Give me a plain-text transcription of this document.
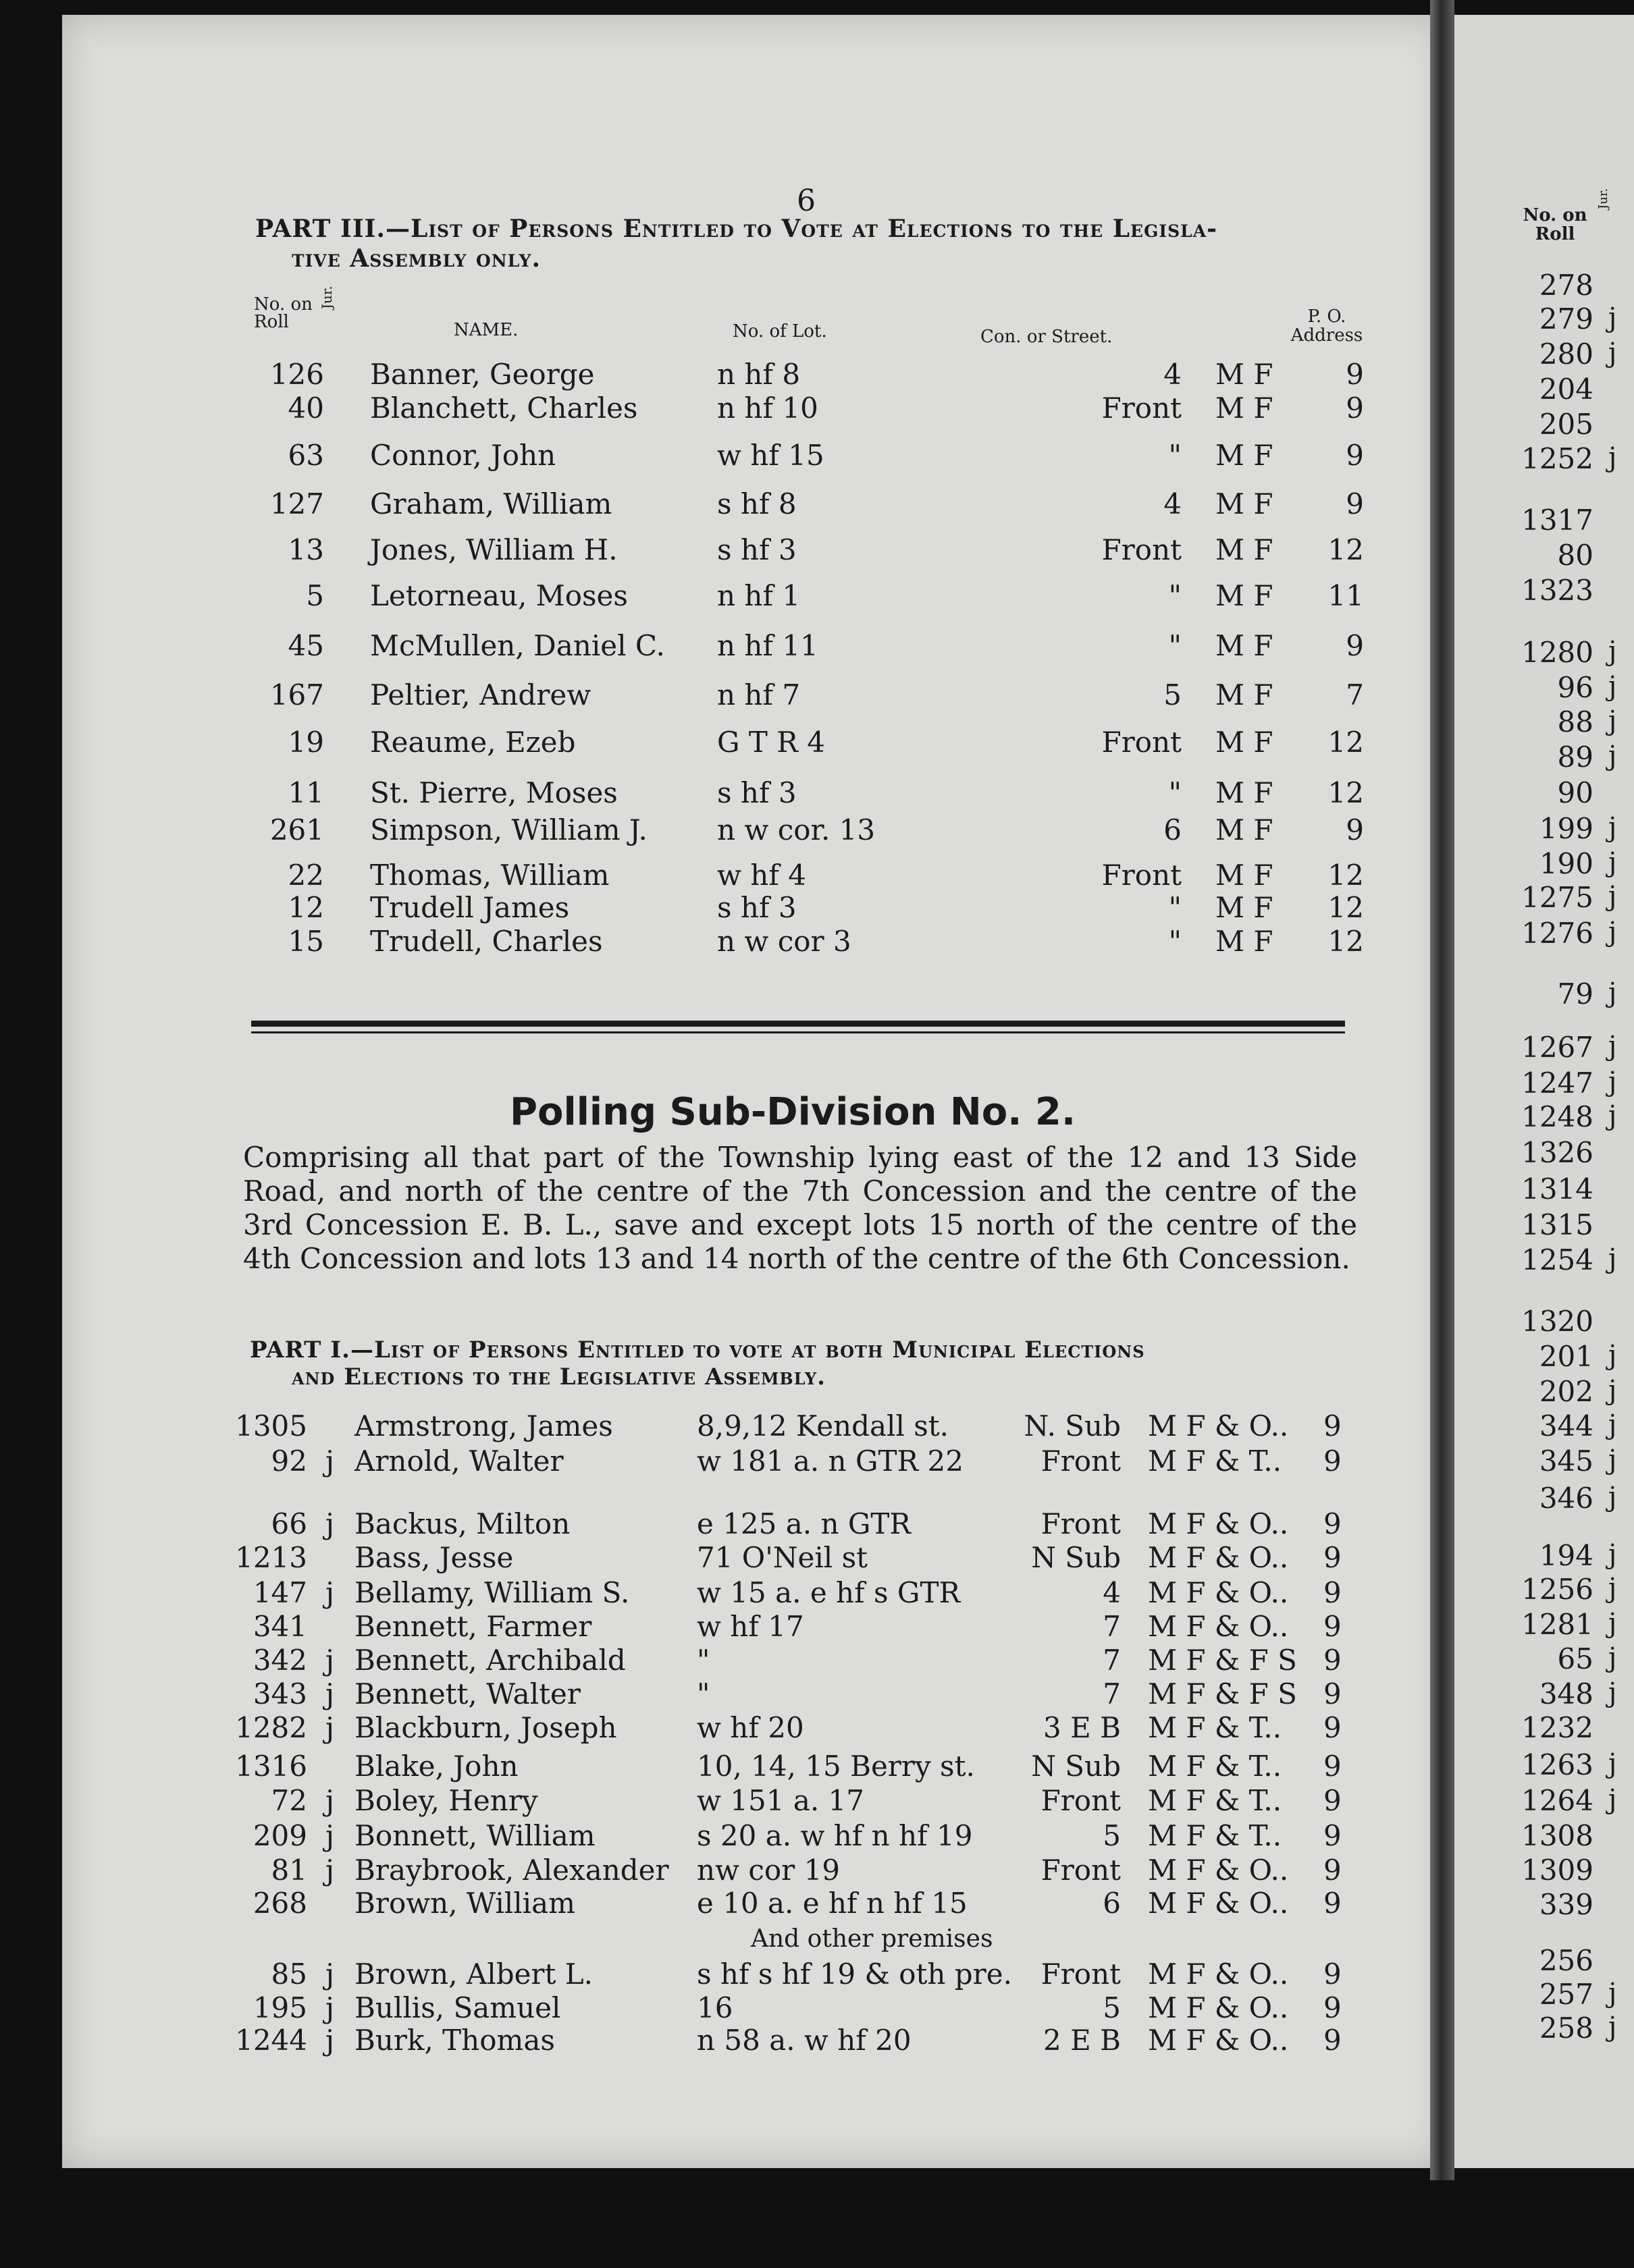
6
PART III.—List of Persons Entitled to Vote at Elections to the Legisla-
tive Assembly only.
No. on Roll
Jur.
NAME.	No. of Lot.	Con. or Street.
P. O. Address
126 Banner, George	n hf 8	4 M F	9
40 Blanchett, Charles	n hf 10	Front M F	9
63 Connor, John	w hf 15	" M F	9
127 Graham, William	s hf 8	4 M F	9
13 Jones, William H.	s hf 3	Front M F	12
5 Letorneau, Moses	n hf 1	" M F	11
45 McMullen, Daniel C. n hf 11	" M F	9
167 Peltier, Andrew	n hf 7	5 M F	7
19 Reaume, Ezeb	G T R 4	Front M F	12
11 St. Pierre, Moses	s hf 3	" M F	12
261 Simpson, William J. n w cor. 13	6 M F	9
22 Thomas, William	w hf 4	Front M F	12
12 Trudell James	s hf 3	" M F	12
15 Trudell, Charles	n w cor 3	" M F	12
Polling Sub-Division No. 2.

Comprising all that part of the Township lying east of the 12 and 13 Side Road, and north of the centre of the 7th Concession and the centre of the 3rd Concession E. B. L., save and except lots 15 north of the centre of the 4th Concession and lots 13 and 14 north of the centre of the 6th Concession.

PART I.—List of Persons Entitled to vote at both Municipal Elections
and Elections to the Legislative Assembly.
1305 Armstrong, James	8,9,12 Kendall st.	N. Sub M F & O.. 9
92 j Arnold, Walter	w 181 a. n GTR 22	Front M F & T.. 9
66 j Backus, Milton	e 125 a. n GTR	Front M F & O.. 9
1213 Bass, Jesse	71 O'Neil st	N Sub M F & O.. 9
147 j Bellamy, William S. w 15 a. e hf s GTR	4 M F & O.. 9
341 Bennett, Farmer	w hf 17	7 M F & O.. 9
342 j Bennett, Archibald	"	7 M F & F S 9
343 j Bennett, Walter	"	7 M F & F S 9
1282 j Blackburn, Joseph	w hf 20	3 E B M F & T.. 9
1316 Blake, John	10, 14, 15 Berry st.	N Sub M F & T.. 9
72 j Boley, Henry	w 151 a. 17	Front M F & T.. 9
209 j Bonnett, William	s 20 a. w hf n hf 19	5 M F & T.. 9
81 j Braybrook, Alexander nw cor 19	Front M F & O.. 9
268 Brown, William	e 10 a. e hf n hf 15	6 M F & O.. 9
85 j Brown, Albert L.	s hf s hf 19 & oth pre.	Front M F & O.. 9
195 j Bullis, Samuel	16	5 M F & O.. 9
1244 j Burk, Thomas	n 58 a. w hf 20	2 E B M F & O.. 9
And other premises
No. on Roll
Jur.
278
279 j
280 j
204
205
1252 j
1317
80
1323
1280 j
96 j
88 j
89 j
90
199 j
190 j
1275 j
1276 j
79 j
1267 j
1247 j
1248 j
1326
1314
1315
1254 j
1320
201 j
202 j
344 j
345 j
346 j
194 j
1256 j
1281 j
65 j
348 j
1232
1263 j
1264 j
1308
1309
339
256
257 j
258 j
